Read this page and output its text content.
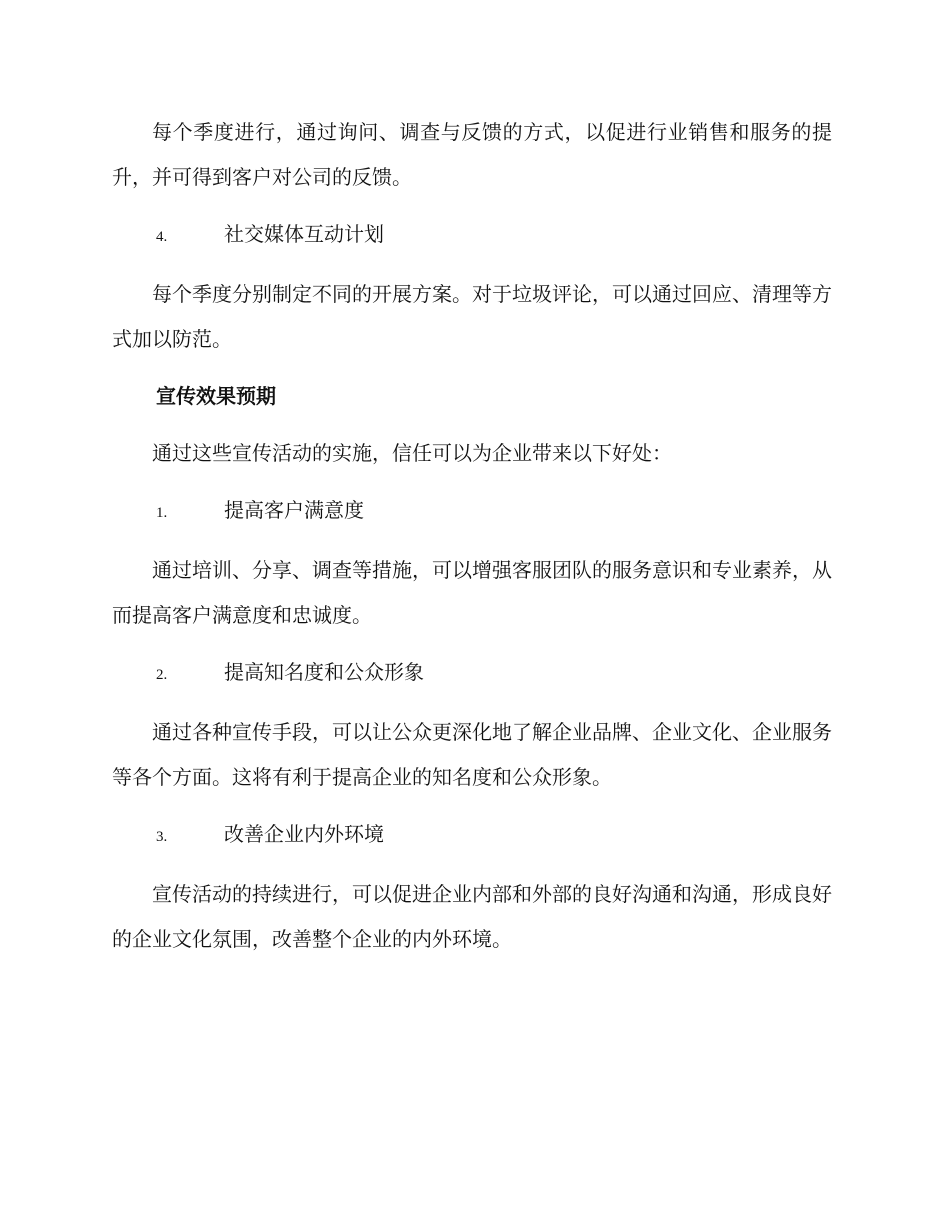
每个季度进行，通过询问、调查与反馈的方式，以促进行业销售和服务的提升，并可得到客户对公司的反馈。

4.	社交媒体互动计划

每个季度分别制定不同的开展方案。对于垃圾评论，可以通过回应、清理等方式加以防范。

宣传效果预期

通过这些宣传活动的实施，信任可以为企业带来以下好处：

1.	提高客户满意度

通过培训、分享、调查等措施，可以增强客服团队的服务意识和专业素养，从而提高客户满意度和忠诚度。

2.	提高知名度和公众形象

通过各种宣传手段，可以让公众更深化地了解企业品牌、企业文化、企业服务等各个方面。这将有利于提高企业的知名度和公众形象。

3.	改善企业内外环境

宣传活动的持续进行，可以促进企业内部和外部的良好沟通和沟通，形成良好的企业文化氛围，改善整个企业的内外环境。
